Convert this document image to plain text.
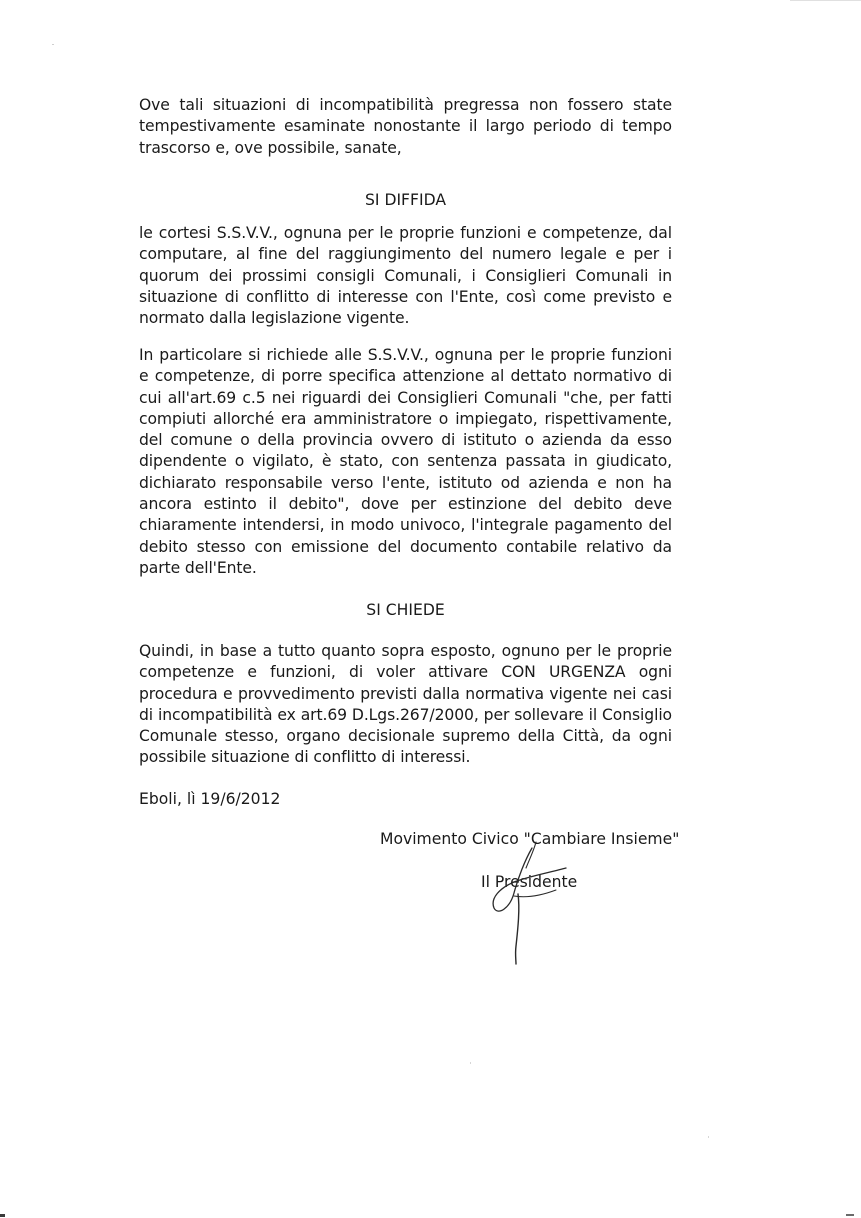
Ove tali situazioni di incompatibilità pregressa non fossero state tempestivamente esaminate nonostante il largo periodo di tempo trascorso e, ove possibile, sanate,
SI DIFFIDA
le cortesi S.S.V.V., ognuna per le proprie funzioni e competenze, dal computare, al fine del raggiungimento del numero legale e per i quorum dei prossimi consigli Comunali, i Consiglieri Comunali in situazione di conflitto di interesse con l'Ente, così come previsto e normato dalla legislazione vigente.
In particolare si richiede alle S.S.V.V., ognuna per le proprie funzioni e competenze, di porre specifica attenzione al dettato normativo di cui all'art.69 c.5 nei riguardi dei Consiglieri Comunali "che, per fatti compiuti allorché era amministratore o impiegato, rispettivamente, del comune o della provincia ovvero di istituto o azienda da esso dipendente o vigilato, è stato, con sentenza passata in giudicato, dichiarato responsabile verso l'ente, istituto od azienda e non ha ancora estinto il debito", dove per estinzione del debito deve chiaramente intendersi, in modo univoco, l'integrale pagamento del debito stesso con emissione del documento contabile relativo da parte dell'Ente.
SI CHIEDE
Quindi, in base a tutto quanto sopra esposto, ognuno per le proprie competenze e funzioni, di voler attivare CON URGENZA ogni procedura e provvedimento previsti dalla normativa vigente nei casi di incompatibilità ex art.69 D.Lgs.267/2000, per sollevare il Consiglio Comunale stesso, organo decisionale supremo della Città, da ogni possibile situazione di conflitto di interessi.
Eboli, lì 19/6/2012
Movimento Civico "Cambiare Insieme"
Il Presidente
